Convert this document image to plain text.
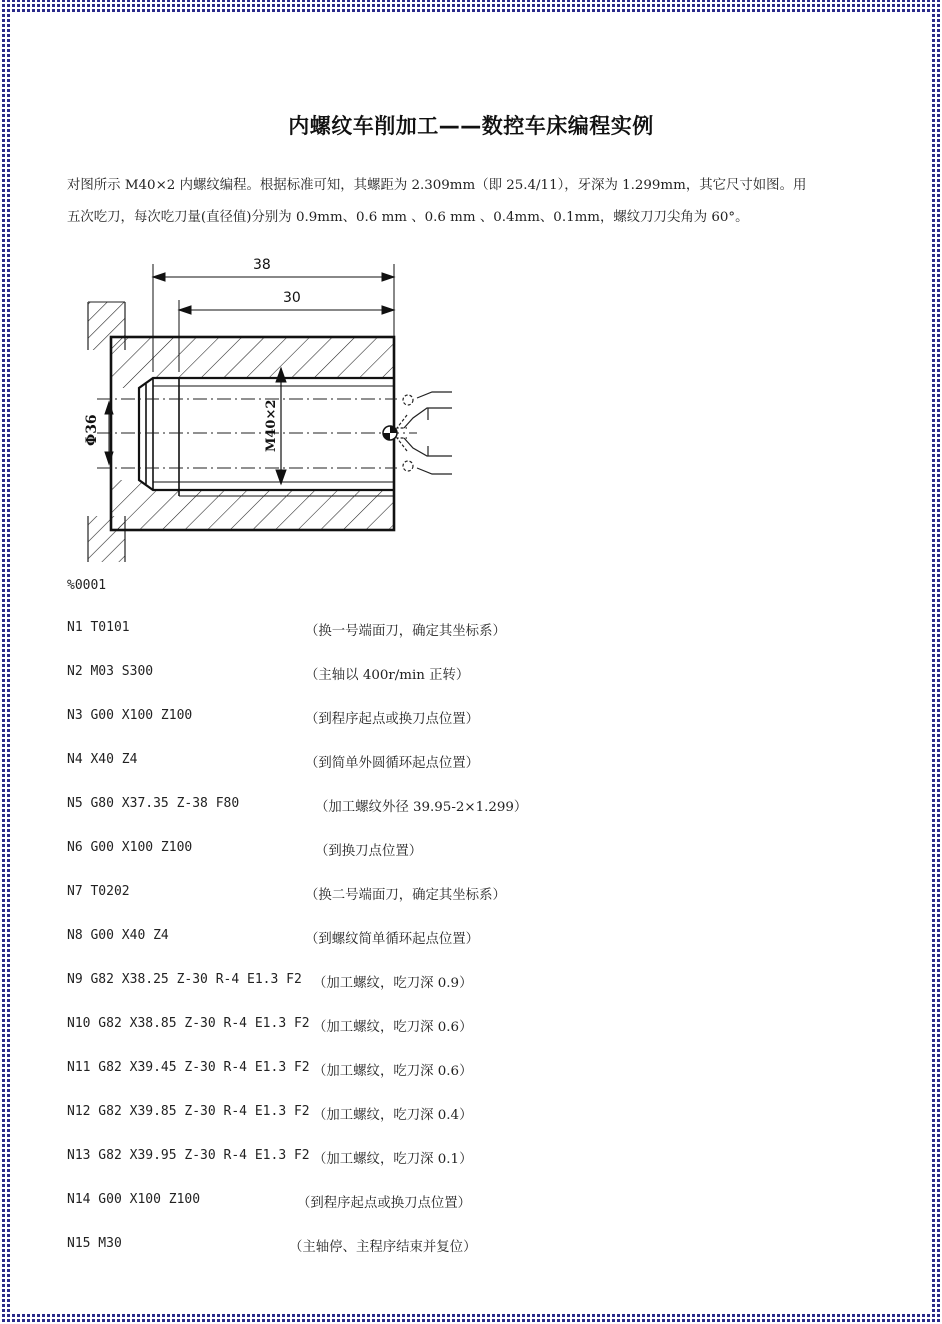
内螺纹车削加工——数控车床编程实例

对图所示 M40×2 内螺纹编程。根据标准可知，其螺距为 2.309mm（即 25.4/11），牙深为 1.299mm，其它尺寸如图。用

五次吃刀，每次吃刀量(直径值)分别为 0.9mm、0.6 mm 、0.6 mm 、0.4mm、0.1mm，螺纹刀刀尖角为 60°。

38
30
Φ36	M40×2
%0001
N1 T0101	（换一号端面刀，确定其坐标系）
N2 M03 S300	（主轴以 400r/min 正转）
N3 G00 X100 Z100	（到程序起点或换刀点位置）
N4 X40 Z4	（到简单外圆循环起点位置）
N5 G80 X37.35 Z-38 F80	（加工螺纹外径 39.95-2×1.299）
N6 G00 X100 Z100	（到换刀点位置）
N7 T0202	（换二号端面刀，确定其坐标系）
N8 G00 X40 Z4	（到螺纹简单循环起点位置）
N9 G82 X38.25 Z-30 R-4 E1.3 F2 （加工螺纹，吃刀深 0.9）
N10 G82 X38.85 Z-30 R-4 E1.3 F2 （加工螺纹，吃刀深 0.6）
N11 G82 X39.45 Z-30 R-4 E1.3 F2 （加工螺纹，吃刀深 0.6）
N12 G82 X39.85 Z-30 R-4 E1.3 F2 （加工螺纹，吃刀深 0.4）
N13 G82 X39.95 Z-30 R-4 E1.3 F2 （加工螺纹，吃刀深 0.1）
N14 G00 X100 Z100	（到程序起点或换刀点位置）
N15 M30	（主轴停、主程序结束并复位）
